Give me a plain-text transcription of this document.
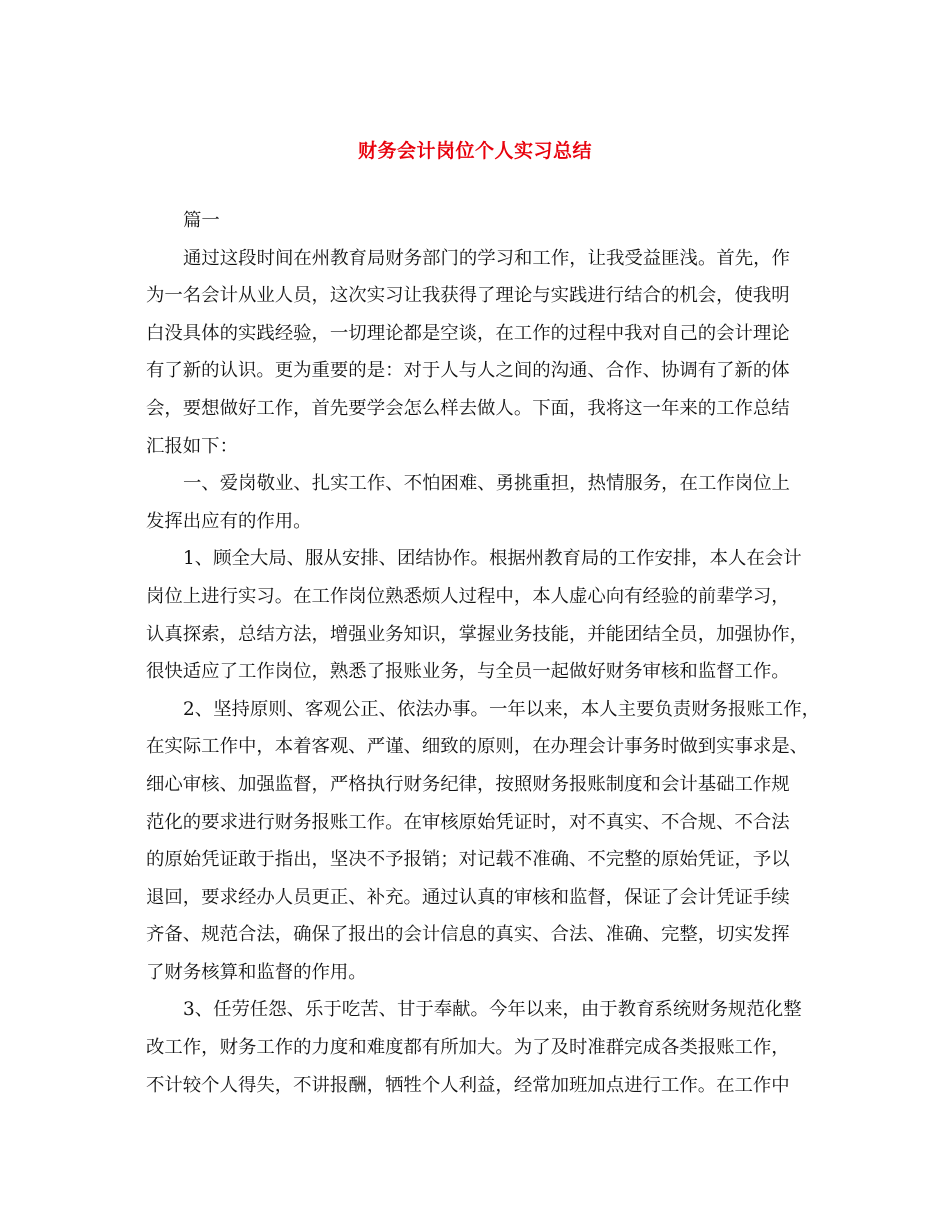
财务会计岗位个人实习总结
篇一
通过这段时间在州教育局财务部门的学习和工作，让我受益匪浅。首先，作
为一名会计从业人员，这次实习让我获得了理论与实践进行结合的机会，使我明
白没具体的实践经验，一切理论都是空谈，在工作的过程中我对自己的会计理论
有了新的认识。更为重要的是：对于人与人之间的沟通、合作、协调有了新的体
会，要想做好工作，首先要学会怎么样去做人。下面，我将这一年来的工作总结
汇报如下：
一、爱岗敬业、扎实工作、不怕困难、勇挑重担，热情服务，在工作岗位上
发挥出应有的作用。
1、顾全大局、服从安排、团结协作。根据州教育局的工作安排，本人在会计
岗位上进行实习。在工作岗位熟悉烦人过程中，本人虚心向有经验的前辈学习，
认真探索，总结方法，增强业务知识，掌握业务技能，并能团结全员，加强协作，
很快适应了工作岗位，熟悉了报账业务，与全员一起做好财务审核和监督工作。
2、坚持原则、客观公正、依法办事。一年以来，本人主要负责财务报账工作，
在实际工作中，本着客观、严谨、细致的原则，在办理会计事务时做到实事求是、
细心审核、加强监督，严格执行财务纪律，按照财务报账制度和会计基础工作规
范化的要求进行财务报账工作。在审核原始凭证时，对不真实、不合规、不合法
的原始凭证敢于指出，坚决不予报销；对记载不准确、不完整的原始凭证，予以
退回，要求经办人员更正、补充。通过认真的审核和监督，保证了会计凭证手续
齐备、规范合法，确保了报出的会计信息的真实、合法、准确、完整，切实发挥
了财务核算和监督的作用。
3、任劳任怨、乐于吃苦、甘于奉献。今年以来，由于教育系统财务规范化整
改工作，财务工作的力度和难度都有所加大。为了及时准群完成各类报账工作，
不计较个人得失，不讲报酬，牺牲个人利益，经常加班加点进行工作。在工作中
